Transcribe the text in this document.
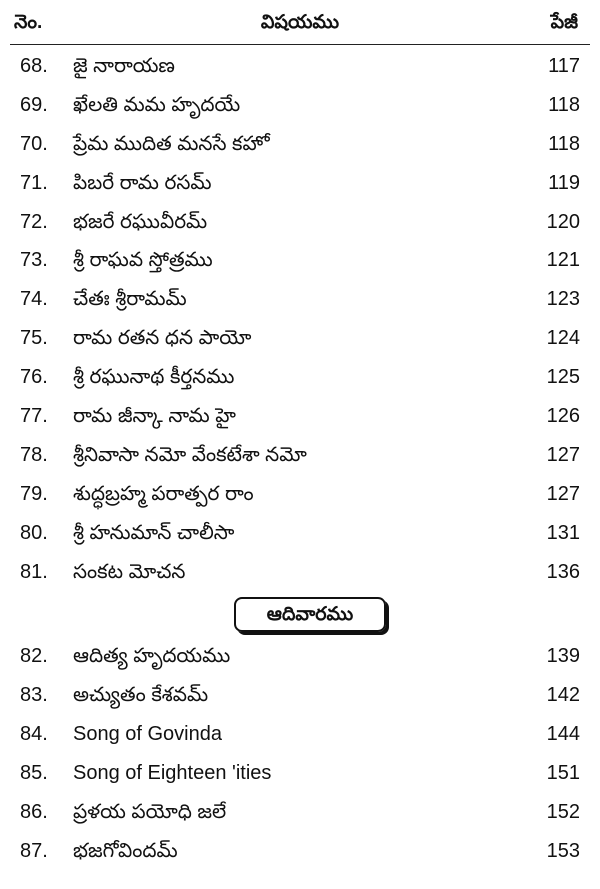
నెం.	విషయము	పేజీ
68. జై నారాయణ	117
69. ఖేలతి మమ హృదయే	118
70. ప్రేమ ముదిత మనసే కహో	118
71. పిబరే రామ రసమ్	119
72. భజరే రఘువీరమ్	120
73. శ్రీ రాఘవ స్తోత్రము	121
74. చేతః శ్రీరామమ్	123
75. రామ రతన ధన పాయో	124
76. శ్రీ రఘునాథ కీర్తనము	125
77. రామ జీన్కా నామ హై	126
78. శ్రీనివాసా నమో వేంకటేశా నమో	127
79. శుద్ధబ్రహ్మ పరాత్పర రాం	127
80. శ్రీ హనుమాన్ చాలీసా	131
81. సంకట మోచన	136
ఆదివారము
82. ఆదిత్య హృదయము	139
83. అచ్యుతం కేశవమ్	142
84. Song of Govinda	144
85. Song of Eighteen 'ities	151
86. ప్రళయ పయోధి జలే	152
87. భజగోవిందమ్	153
